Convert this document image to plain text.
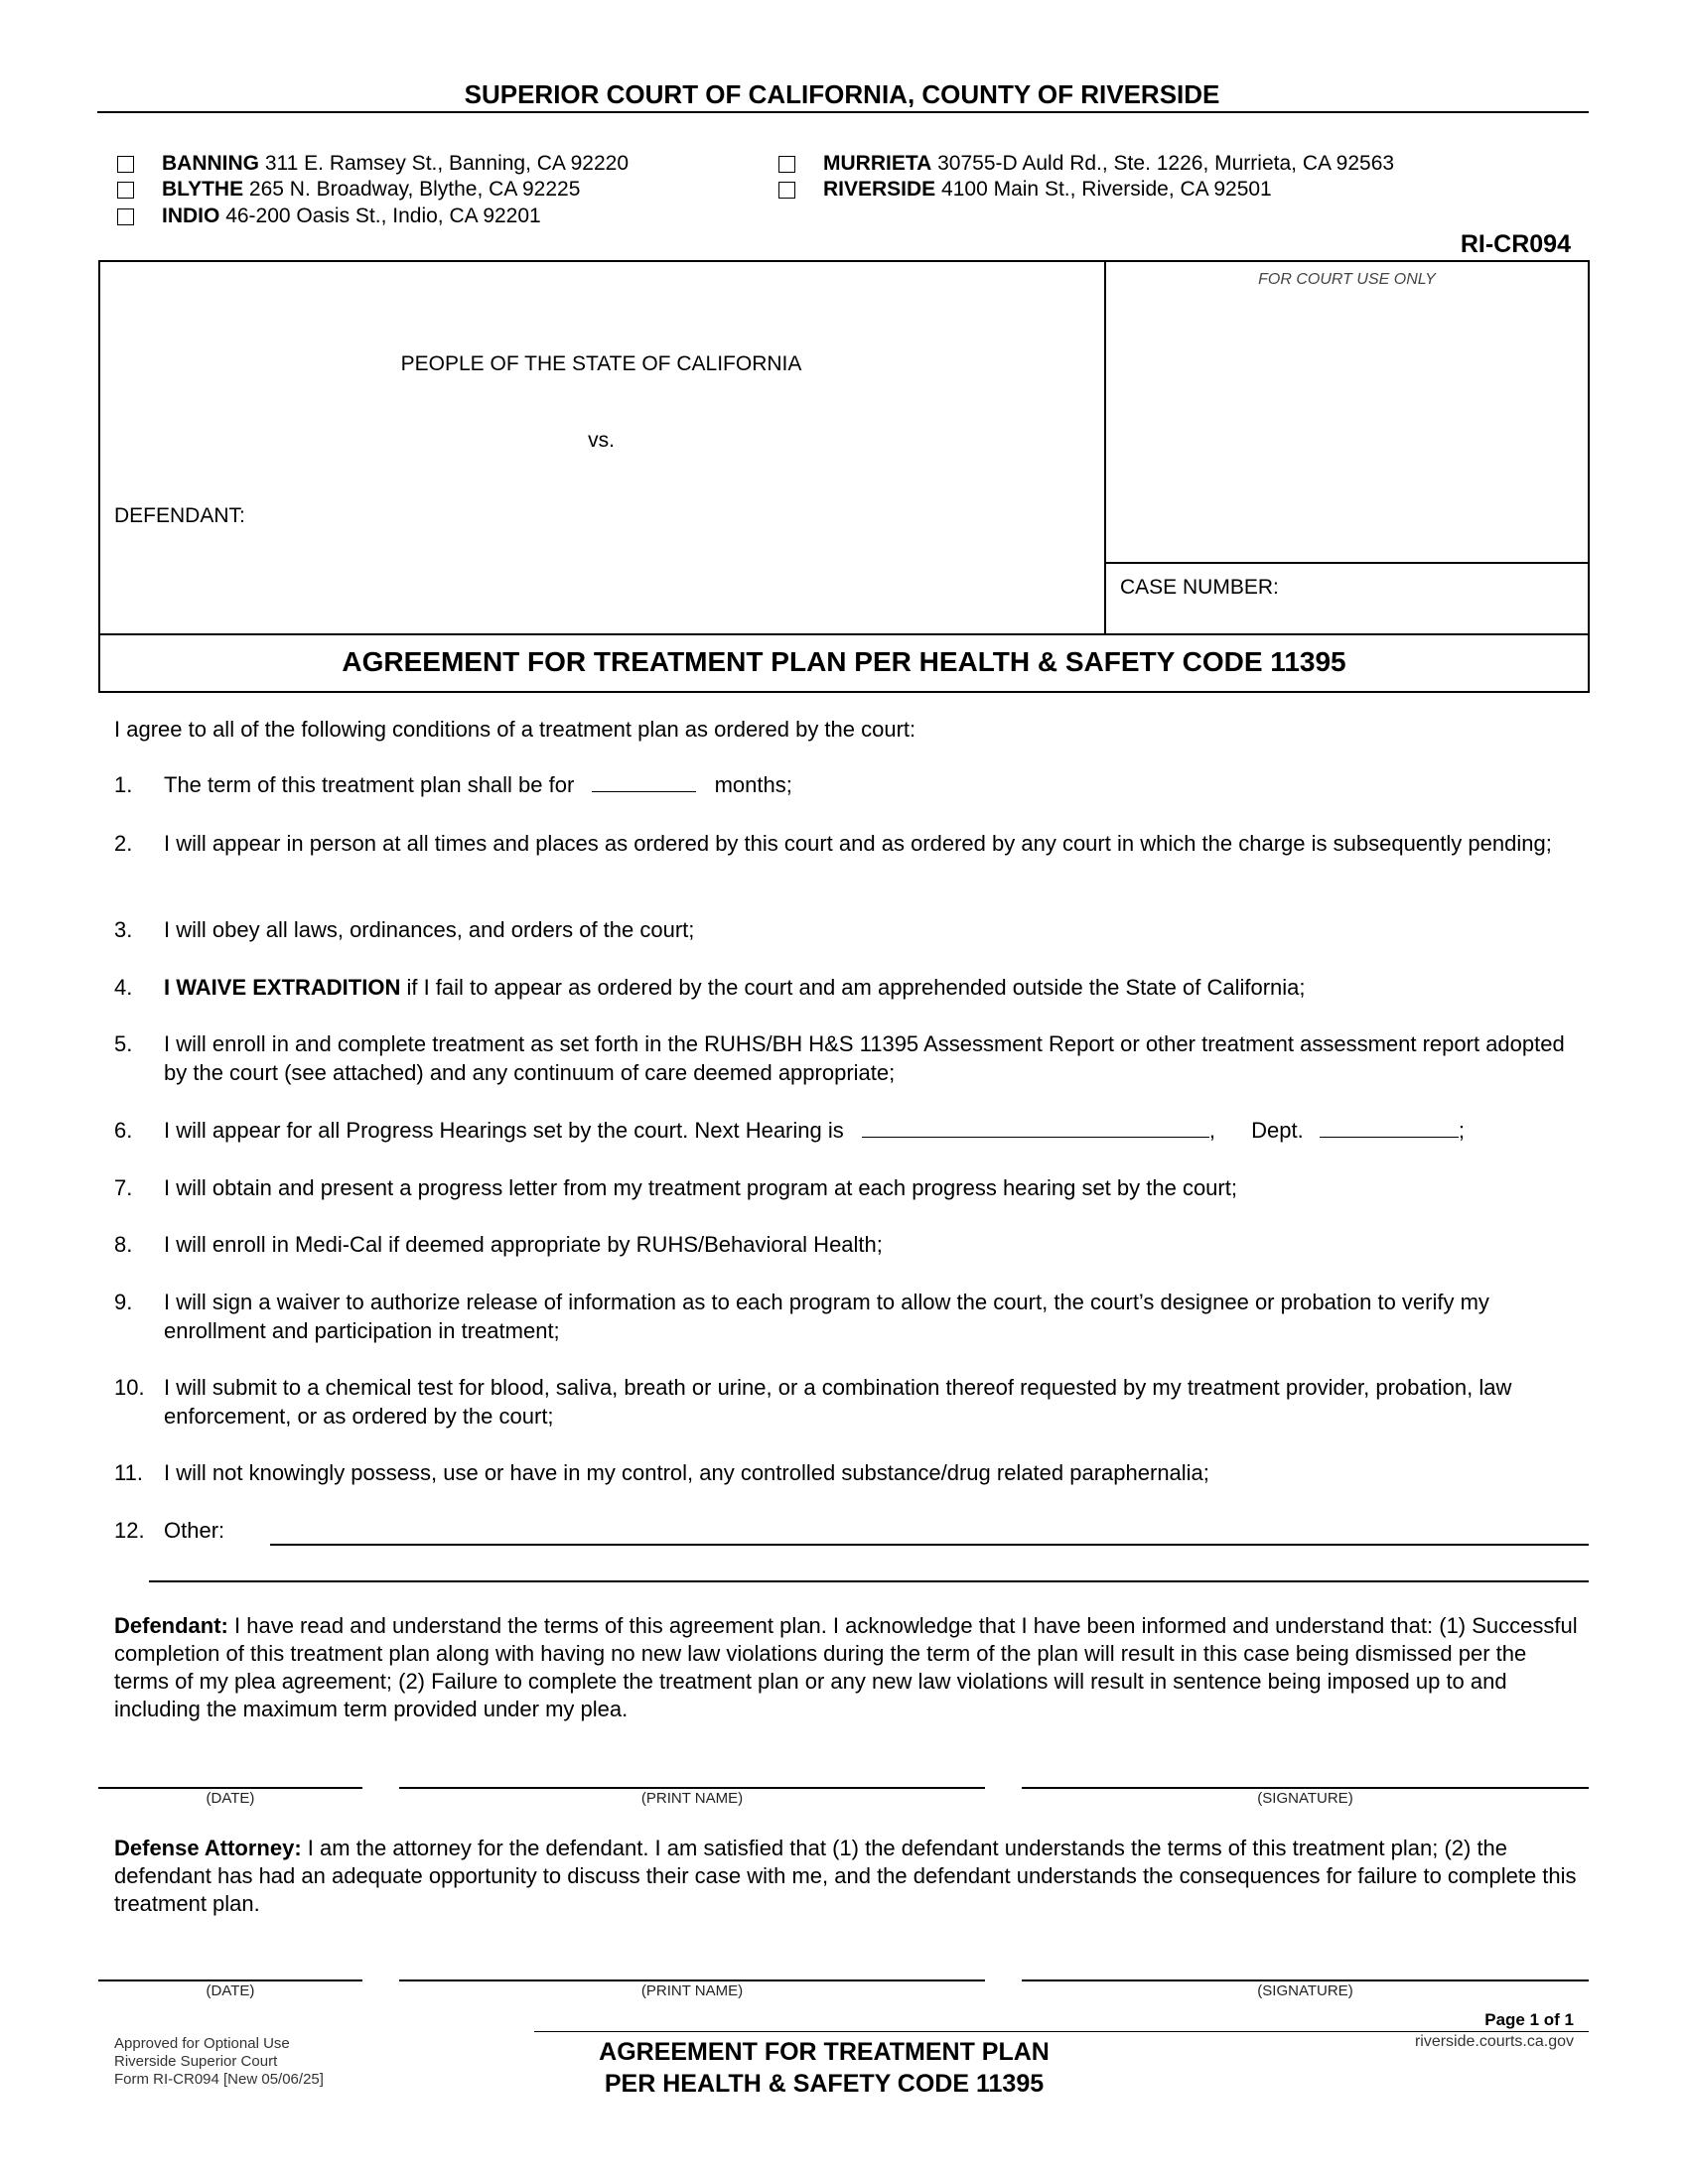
SUPERIOR COURT OF CALIFORNIA, COUNTY OF RIVERSIDE
BANNING
311 E. Ramsey St., Banning, CA 92220
BLYTHE
265 N. Broadway, Blythe, CA 92225
INDIO
46-200 Oasis St., Indio, CA 92201
MURRIETA
30755-D Auld Rd., Ste. 1226, Murrieta, CA 92563
RIVERSIDE
4100 Main St., Riverside, CA 92501
RI-CR094
FOR COURT USE ONLY
PEOPLE OF THE STATE OF CALIFORNIA
vs.
DEFENDANT:
CASE NUMBER:
AGREEMENT FOR TREATMENT PLAN PER HEALTH & SAFETY CODE 11395
I agree to all of the following conditions of a treatment plan as ordered by the court:
1.	The term of this treatment plan shall be for	months;
2.	I will appear in person at all times and places as ordered by this court and as ordered by any court in which the charge is subsequently pending;
3.	I will obey all laws, ordinances, and orders of the court;
4.	I WAIVE EXTRADITION if I fail to appear as ordered by the court and am apprehended outside the State of California;
5.	I will enroll in and complete treatment as set forth in the RUHS/BH H&S 11395 Assessment Report or other treatment assessment report adopted by the court (see attached) and any continuum of care deemed appropriate;
6.	I will appear for all Progress Hearings set by the court. Next Hearing is	, Dept.	;
7.	I will obtain and present a progress letter from my treatment program at each progress hearing set by the court;
8.	I will enroll in Medi-Cal if deemed appropriate by RUHS/Behavioral Health;
9.	I will sign a waiver to authorize release of information as to each program to allow the court, the court’s designee or probation to verify my enrollment and participation in treatment;
10. I will submit to a chemical test for blood, saliva, breath or urine, or a combination thereof requested by my treatment provider, probation, law enforcement, or as ordered by the court;
11. I will not knowingly possess, use or have in my control, any controlled substance/drug related paraphernalia;
12. Other:
Defendant: I have read and understand the terms of this agreement plan. I acknowledge that I have been informed and understand that: (1) Successful completion of this treatment plan along with having no new law violations during the term of the plan will result in this case being dismissed per the terms of my plea agreement; (2) Failure to complete the treatment plan or any new law violations will result in sentence being imposed up to and including the maximum term provided under my plea.
(DATE)	(PRINT NAME)	(SIGNATURE)
Defense Attorney: I am the attorney for the defendant. I am satisfied that (1) the defendant understands the terms of this treatment plan; (2) the defendant has had an adequate opportunity to discuss their case with me, and the defendant understands the consequences for failure to complete this treatment plan.
(DATE)	(PRINT NAME)	(SIGNATURE)
Approved for Optional Use
Riverside Superior Court
Form RI-CR094 [New 05/06/25]
AGREEMENT FOR TREATMENT PLAN
PER HEALTH & SAFETY CODE 11395
Page 1 of 1
riverside.courts.ca.gov
